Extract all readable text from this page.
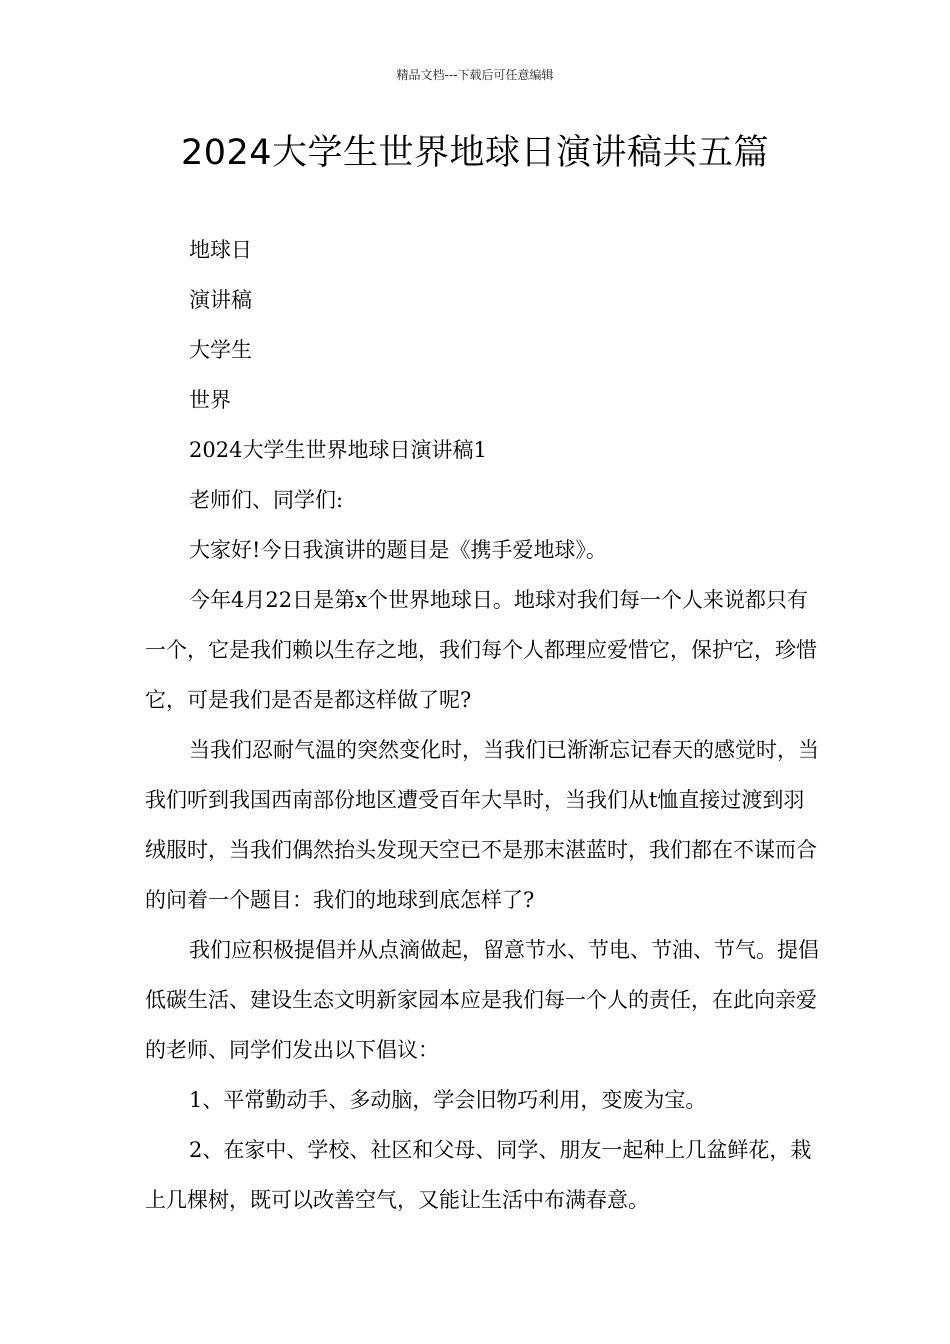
精品文档---下载后可任意编辑
2024大学生世界地球日演讲稿共五篇

地球日

演讲稿

大学生

世界

2024大学生世界地球日演讲稿1

老师们、同学们:

大家好!今日我演讲的题目是《携手爱地球》。

今年4月22日是第x个世界地球日。地球对我们每一个人来说都只有一个，它是我们赖以生存之地，我们每个人都理应爱惜它，保护它，珍惜它，可是我们是否是都这样做了呢?

当我们忍耐气温的突然变化时，当我们已渐渐忘记春天的感觉时，当我们听到我国西南部份地区遭受百年大旱时，当我们从t恤直接过渡到羽绒服时，当我们偶然抬头发现天空已不是那末湛蓝时，我们都在不谋而合的问着一个题目：我们的地球到底怎样了?

我们应积极提倡并从点滴做起，留意节水、节电、节油、节气。提倡低碳生活、建设生态文明新家园本应是我们每一个人的责任，在此向亲爱的老师、同学们发出以下倡议：

1、平常勤动手、多动脑，学会旧物巧利用，变废为宝。

2、在家中、学校、社区和父母、同学、朋友一起种上几盆鲜花，栽上几棵树，既可以改善空气，又能让生活中布满春意。
